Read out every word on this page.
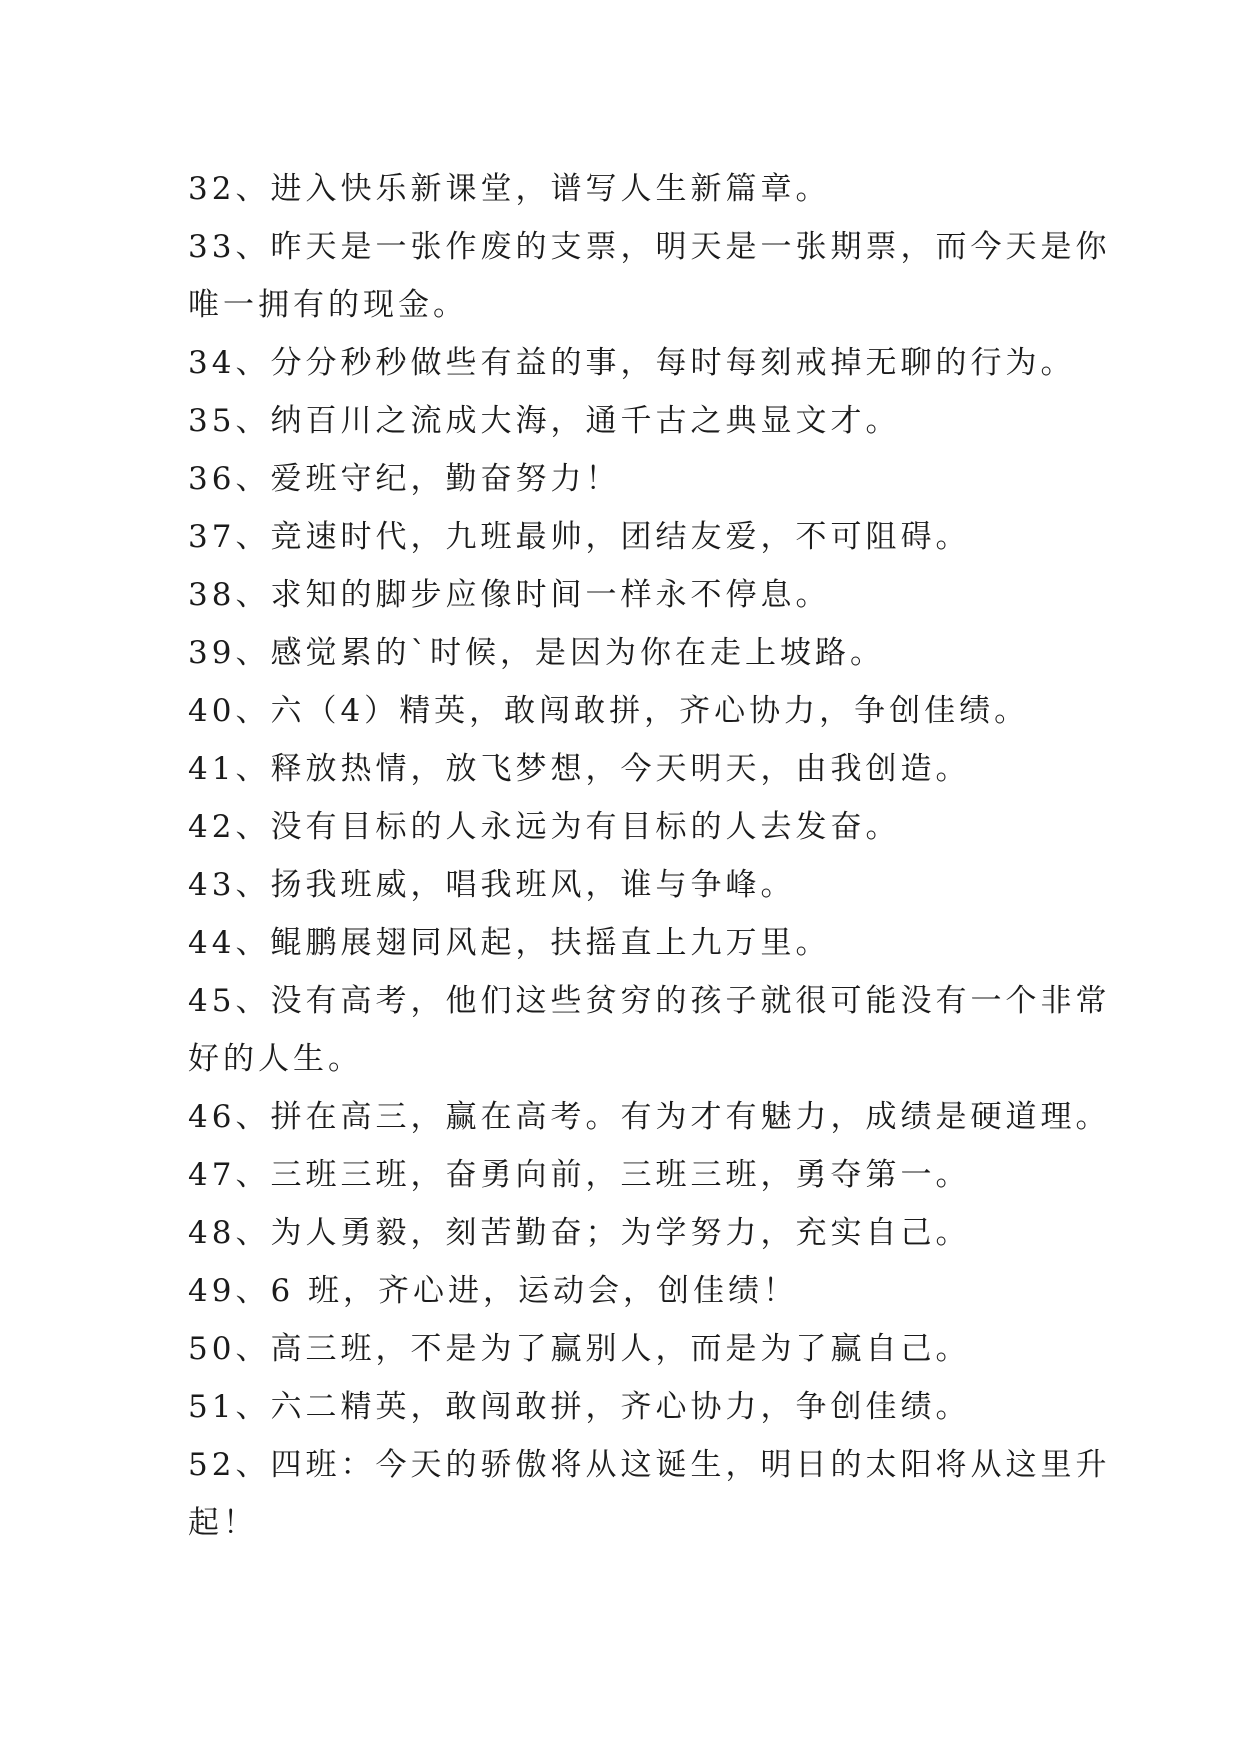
32、进入快乐新课堂，谱写人生新篇章。
33、昨天是一张作废的支票，明天是一张期票，而今天是你
唯一拥有的现金。
34、分分秒秒做些有益的事，每时每刻戒掉无聊的行为。
35、纳百川之流成大海，通千古之典显文才。
36、爱班守纪，勤奋努力！
37、竞速时代，九班最帅，团结友爱，不可阻碍。
38、求知的脚步应像时间一样永不停息。
39、感觉累的`时候，是因为你在走上坡路。
40、六（4）精英，敢闯敢拼，齐心协力，争创佳绩。
41、释放热情，放飞梦想，今天明天，由我创造。
42、没有目标的人永远为有目标的人去发奋。
43、扬我班威，唱我班风，谁与争峰。
44、鲲鹏展翅同风起，扶摇直上九万里。
45、没有高考，他们这些贫穷的孩子就很可能没有一个非常
好的人生。
46、拼在高三，赢在高考。有为才有魅力，成绩是硬道理。
47、三班三班，奋勇向前，三班三班，勇夺第一。
48、为人勇毅，刻苦勤奋；为学努力，充实自己。
49、6 班，齐心进，运动会，创佳绩！
50、高三班，不是为了赢别人，而是为了赢自己。
51、六二精英，敢闯敢拼，齐心协力，争创佳绩。
52、四班：今天的骄傲将从这诞生，明日的太阳将从这里升
起！
